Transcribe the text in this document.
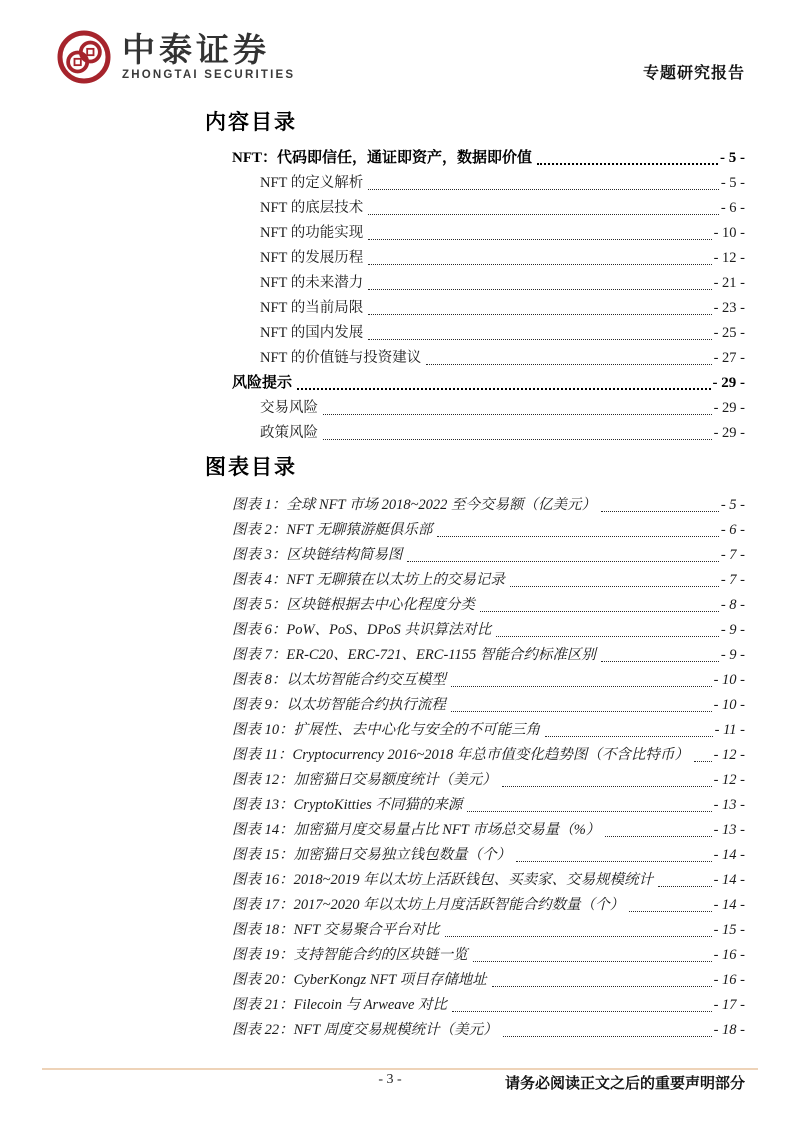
中泰证券
ZHONGTAI SECURITIES	专题研究报告
内容目录
NFT：代码即信任，通证即资产，数据即价值	- 5 -
NFT 的定义解析	- 5 -
NFT 的底层技术	- 6 -
NFT 的功能实现	- 10 -
NFT 的发展历程	- 12 -
NFT 的未来潜力	- 21 -
NFT 的当前局限	- 23 -
NFT 的国内发展	- 25 -
NFT 的价值链与投资建议	- 27 -
风险提示	- 29 -
交易风险	- 29 -
政策风险	- 29 -
图表目录
图表 1：全球 NFT 市场 2018~2022 至今交易额（亿美元）	- 5 -
图表 2：NFT 无聊猿游艇俱乐部	- 6 -
图表 3：区块链结构简易图	- 7 -
图表 4：NFT 无聊猿在以太坊上的交易记录	- 7 -
图表 5：区块链根据去中心化程度分类	- 8 -
图表 6：PoW、PoS、DPoS 共识算法对比	- 9 -
图表 7：ER-C20、ERC-721、ERC-1155 智能合约标准区别	- 9 -
图表 8：以太坊智能合约交互模型	- 10 -
图表 9：以太坊智能合约执行流程	- 10 -
图表 10：扩展性、去中心化与安全的不可能三角	- 11 -
图表 11：Cryptocurrency 2016~2018 年总市值变化趋势图（不含比特币） - 12 -
图表 12：加密猫日交易额度统计（美元）	- 12 -
图表 13：CryptoKitties 不同猫的来源	- 13 -
图表 14：加密猫月度交易量占比 NFT 市场总交易量（%）	- 13 -
图表 15：加密猫日交易独立钱包数量（个）	- 14 -
图表 16：2018~2019 年以太坊上活跃钱包、买卖家、交易规模统计	- 14 -
图表 17：2017~2020 年以太坊上月度活跃智能合约数量（个）	- 14 -
图表 18：NFT 交易聚合平台对比	- 15 -
图表 19：支持智能合约的区块链一览	- 16 -
图表 20：CyberKongz NFT 项目存储地址	- 16 -
图表 21：Filecoin 与 Arweave 对比	- 17 -
图表 22：NFT 周度交易规模统计（美元）	- 18 -
- 3 -	请务必阅读正文之后的重要声明部分
